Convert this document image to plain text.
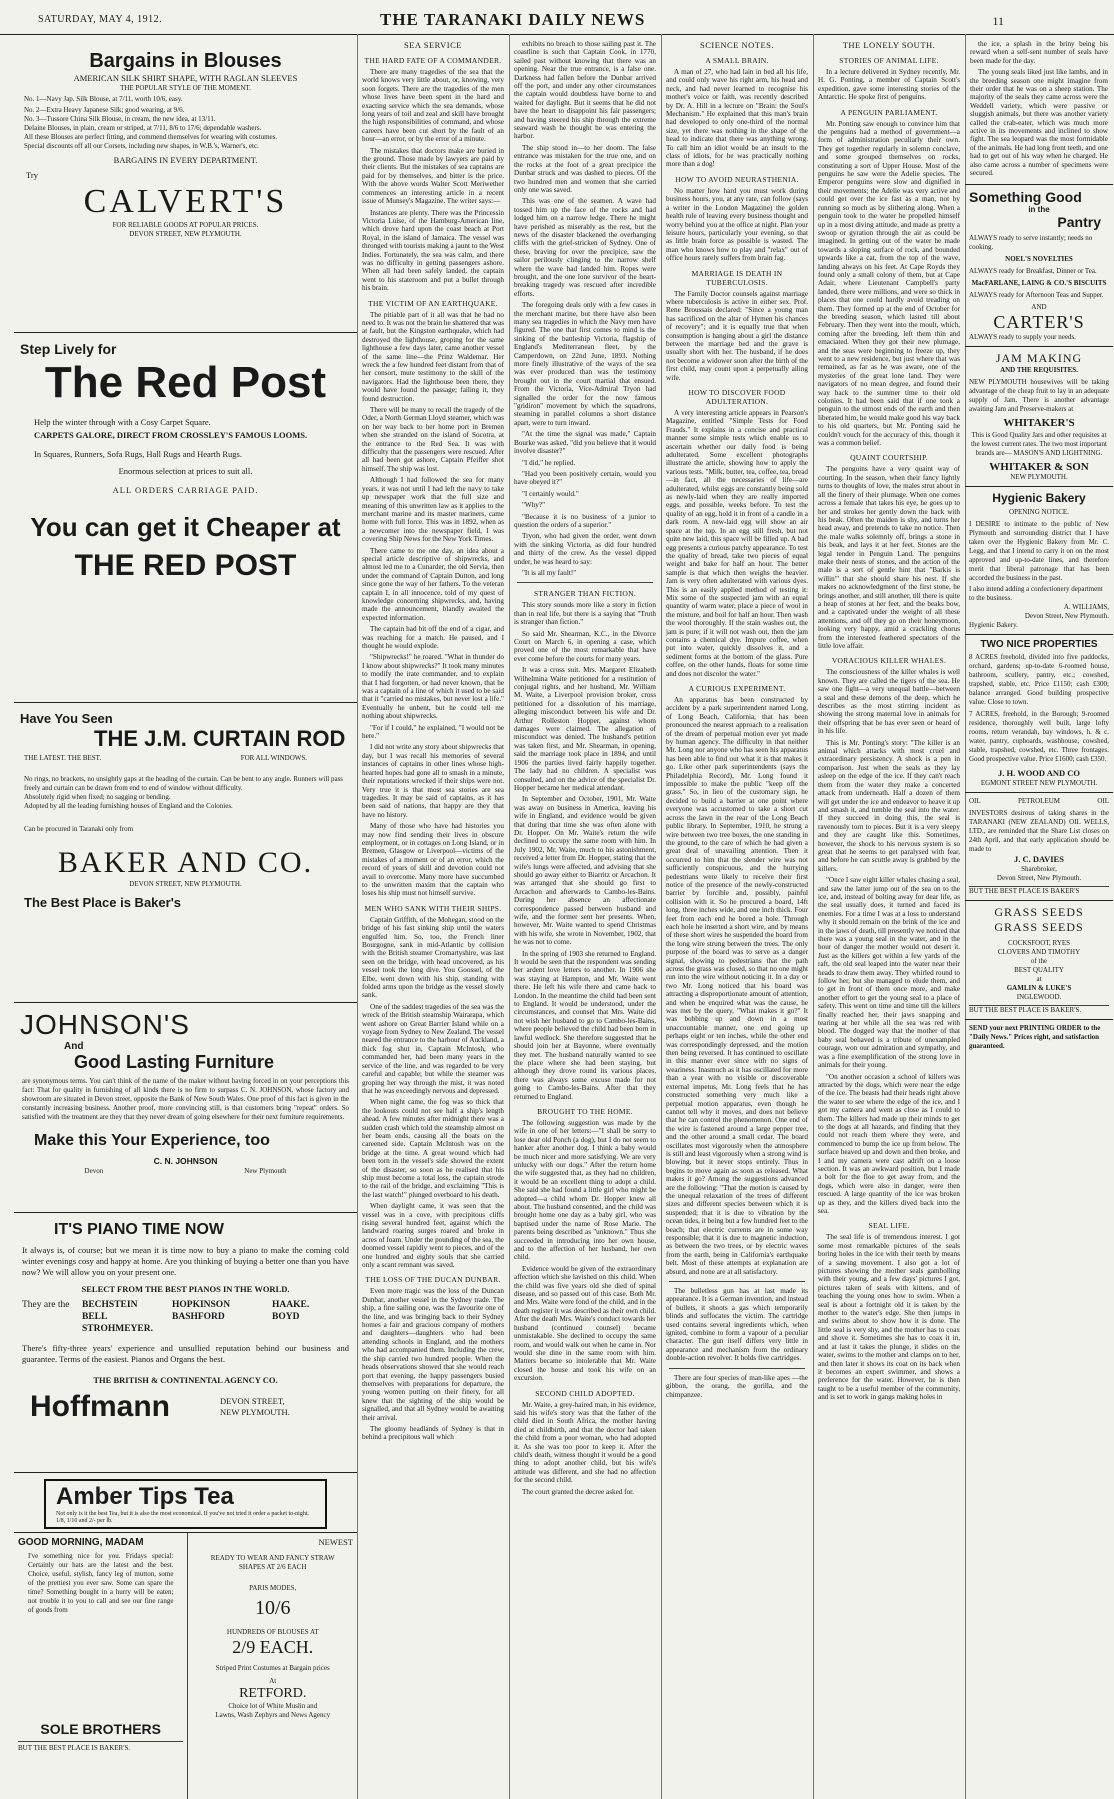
SATURDAY, MAY 4, 1912.	THE TARANAKI DAILY NEWS	11
Bargains in Blouses
AMERICAN SILK SHIRT SHAPE, WITH RAGLAN SLEEVES
THE POPULAR STYLE OF THE MOMENT.
No. 1—Navy Jap. Silk Blouse, at 7/11, worth 10/6, easy.
No. 2—Extra Heavy Japanese Silk; good wearing, at 9/6.
No. 3—Tussore China Silk Blouse, in cream, the new idea, at 13/11.
Delaine Blouses, in plain, cream or striped, at 7/11, 8/6 to 17/6; dependable washers.
All these Blouses are perfect fitting, and commend themselves for wearing with costumes.
Special discounts off all our Corsets, including new shapes, in W.B.'s, Warner's, etc.
BARGAINS IN EVERY DEPARTMENT.
Try
CALVERT'S
FOR RELIABLE GOODS AT POPULAR PRICES.
DEVON STREET, NEW PLYMOUTH.
Step Lively for
The Red Post
Help the winter through with a Cosy Carpet Square.
CARPETS GALORE, DIRECT FROM CROSSLEY'S FAMOUS LOOMS.
In Squares, Runners, Sofa Rugs, Hall Rugs and Hearth Rugs.
Enormous selection at prices to suit all.
ALL ORDERS CARRIAGE PAID.
You can get it Cheaper at
THE RED POST
Have You Seen
THE J.M. CURTAIN ROD
THE LATEST. THE BEST.	FOR ALL WINDOWS.
No rings, no brackets, no unsightly gaps at the heading of the curtain. Can be bent to any angle. Runners will pass freely and curtain can be drawn from end to end of window without difficulty.
Absolutely rigid when fixed; no sagging or bending.
Adopted by all the leading furnishing houses of England and the Colonies.
Can be procured in Taranaki only from
BAKER AND CO.
DEVON STREET, NEW PLYMOUTH.
The Best Place is Baker's
JOHNSON'S
And
Good Lasting Furniture
are synonymous terms. You can't think of the name of the maker without having forced in on your perceptions this fact: That for quality in furnishing of all kinds there is no firm to surpass C. N. JOHNSON, whose factory and showroom are situated in Devon street, opposite the Bank of New South Wales. One proof of this fact is given in the constantly increasing business. Another proof, more convincing still, is that customers bring "repeat" orders. So satisfied with the treatment are they that they never dream of going elsewhere for their next furniture requirements.
Make this Your Experience, too
C. N. JOHNSON
Devon	New Plymouth
IT'S PIANO TIME NOW
It always is, of course; but we mean it is time now to buy a piano to make the coming cold winter evenings cosy and happy at home. Are you thinking of buying a better one than you have now? We will allow you on your present one.
SELECT FROM THE BEST PIANOS IN THE WORLD.
They are the	BECHSTEIN
BELL
STROHMEYER.
HOPKINSON
BASHFORD
HAAKE.
BOYD
There's fifty-three years' experience and unsullied reputation behind our business and guarantee. Terms of the easiest. Pianos and Organs the best.
THE BRITISH & CONTINENTAL AGENCY CO.
Hoffmann	DEVON STREET,
NEW PLYMOUTH.
Amber Tips Tea
Not only is it the best Tea, but it is also the most economical. If you've not tried it order a packet to-night. 1/8, 1/10 and 2/- per lb.
GOOD MORNING, MADAM
I've something nice for you. Fridays special: Certainly our hats are the latest and the best. Choice, useful, stylish, fancy leg of mutton, some of the prettiest you ever saw. Some can spare the time? Something bought in a hurry will be eaten; not trouble it to you to call and see our fine range of goods from
SOLE BROTHERS
BUT THE BEST PLACE IS BAKER'S.
NEWEST
READY TO WEAR AND FANCY STRAW SHAPES AT 2/6 EACH
PARIS MODES,
10/6
HUNDREDS OF BLOUSES AT
2/9 EACH.
Striped Print Costumes at Bargain prices
At
RETFORD.
Choice lot of White Muslin and
Lawns, Wash Zephyrs and News Agency
SEA SERVICE
THE HARD FATE OF A COMMANDER.

There are many tragedies of the sea that the world knows very little about, or, knowing, very soon forgets. There are the tragedies of the men whose lives have been spent in the hard and exacting service which the sea demands, whose long years of toil and zeal and skill have brought the high responsibilities of command, and whose careers have been cut short by the fault of an hour—an error, or by the error of a minute.

The mistakes that doctors make are buried in the ground. Those made by lawyers are paid by their clients. But the mistakes of sea captains are paid for by themselves, and bitter is the price. With the above words Walter Scott Meriwether commences an interesting article in a recent issue of Munsey's Magazine. The writer says:—

Instances are plenty. There was the Princessin Victoria Luise, of the Hamburg-American line, which drove hard upon the coast beach at Port Royal, in the island of Jamaica. The vessel was thronged with tourists making a jaunt to the West Indies. Fortunately, the sea was calm, and there was no difficulty in getting passengers ashore. When all had been safely landed, the captain went to his stateroom and put a bullet through his brain.

THE VICTIM OF AN EARTHQUAKE.

The pitiable part of it all was that he had no need to. It was not the brain he shattered that was at fault, but the Kingston earthquake, which had destroyed the lighthouse, groping for the same lighthouse a few days later, came another vessel of the same line—the Prinz Waldemar. Her wreck the a few hundred feet distant from that of her consort, mute testimony to the skill of the navigators. Had the lighthouse been there, they would have found the passage; failing it, they found destruction.

There will be many to recall the tragedy of the Oder, a North German Lloyd steamer, which was on her way back to her home port in Bremen when she stranded on the island of Socotra, at the entrance to the Red Sea. It was with difficulty that the passengers were rescued. After all had been got ashore, Captain Pfeiffer shot himself. The ship was lost.

Although I had followed the sea for many years, it was not until I had left the navy to take up newspaper work that the full size and meaning of this unwritten law as it applies to the merchant marine and its master mariners, came home with full force. This was in 1892, when as a newcomer into the newspaper field, I was covering Ship News for the New York Times.

There came to me one day, an idea about a special article descriptive of shipwrecks, and almost led me to a Cunarder, the old Servia, then under the command of Captain Dutton, and long since gone the way of her fathers. To the veteran captain I, in all innocence, told of my quest of knowledge concerning shipwrecks, and, having made the announcement, blandly awaited the expected information.

The captain had bit off the end of a cigar, and was reaching for a match. He paused, and I thought he would explode.

"Shipwrecks!" he roared. "What in thunder do I know about shipwrecks?" It took many minutes to modify the irate commander, and to explain that I had forgotten, or had never known, that he was a captain of a line of which it used to be said that it "carried no mistakes, but never lost a life." Eventually he unbent, but he could tell me nothing about shipwrecks.

"For if I could," he explained, "I would not be here."

I did not write any story about shipwrecks that day, but I was recall his memories of several instances of captains in other lines whose high-hearted hopes had gone all to smash in a minute, their reputations wrecked if their ships were not. Very true it is that most sea stories are sea tragedies. It may be said of captains, as it has been said of nations, that happy are they that have no history.

Many of those who have had histories you may now find sending their lives in obscure employment, or in cottages on Long Island, or in Bremen, Glasgow or Liverpool—victims of the mistakes of a moment or of an error, which the record of years of skill and devotion could not avail to overcome. Many more have succumbed to the unwritten maxim that the captain who loses his ship must not himself survive.

MEN WHO SANK WITH THEIR SHIPS.

Captain Griffith, of the Mohegan, stood on the bridge of his fast sinking ship until the waters engulfed him. So, too, the French liner Bourgogne, sank in mid-Atlantic by collision with the British steamer Cromartyshire, was last seen on the bridge, with head uncovered, as his vessel took the long dive. You Goossel, of the Elbe, went down with his ship, standing with folded arms upon the bridge as the vessel slowly sank.

One of the saddest tragedies of the sea was the wreck of the British steamship Wairarapa, which went ashore on Great Barrier Island while on a voyage from Sydney to New Zealand. The vessel neared the entrance to the harbour of Auckland, a thick fog shut in, Captain McIntosh, who commanded her, had been many years in the service of the line, and was regarded to be very careful and capable; but while the steamer was groping her way through the mist, it was noted that he was exceedingly nervous and depressed.

When night came, the fog was so thick that the lookouts could not see half a ship's length ahead. A few minutes after midnight there was a sudden crash which told the steamship almost on her beam ends, causing all the boats on the careened side. Captain McIntosh was on the bridge at the time. A great wound which had been torn in the vessel's side showed the extent of the disaster, so soon as he realised that his ship must become a total loss, the captain strode to the rail of the bridge, and exclaiming "This is the last watch!" plunged overboard to his death.

When daylight came, it was seen that the vessel was in a cove, with precipitous cliffs rising several hundred feet, against which the landward roaring surges roared and broke in acres of foam. Under the pounding of the sea, the doomed vessel rapidly went to pieces, and of the one hundred and eighty souls that she carried only a scant remnant was saved.

THE LOSS OF THE DUCAN DUNBAR.

Even more tragic was the loss of the Duncan Dunbar, another vessel in the Sydney trade. The ship, a fine sailing one, was the favourite one of the line, and was bringing back to their Sydney homes a fair and gracious company of mothers and daughters—daughters who had been attending schools in England, and the mothers who had accompanied them. Including the crew, the ship carried two hundred people. When the heads observations showed that she would reach port that evening, the happy passengers busied themselves with preparations for departure, the young women putting on their finery, for all knew that the sighting of the ship would be signalled, and that all Sydney would be awaiting their arrival.

The gloomy headlands of Sydney is that in behind a precipitous wall which

exhibits no breach to those sailing past it. The coastline is such that Captain Cook, in 1770, sailed past without knowing that there was an opening. Near the true entrance, is a false one. Darkness had fallen before the Dunbar arrived off the port, and under any other circumstances the captain would doubtless have borne to and waited for daylight. But it seems that he did not have the heart to disappoint his fair passengers; and having steered his ship through the extreme seaward wash he thought he was entering the harbor.

The ship stood in—to her doom. The false entrance was mistaken for the true one, and on the rocks at the foot of a great precipice the Dunbar struck and was dashed to pieces. Of the two hundred men and women that she carried only one was saved.

This was one of the seamen. A wave had tossed him up the face of the rocks and had lodged him on a narrow ledge. There he might have perished as miserably as the rest, but the news of the disaster blackened the overhanging cliffs with the grief-stricken of Sydney. One of these, braving for over the precipice, saw the sailor perilously clinging to the narrow shelf where the wave had landed him. Ropes were brought, and the one lone survivor of the heart-breaking tragedy was rescued after incredible efforts.

The foregoing deals only with a few cases in the merchant marine, but there have also been many sea tragedies in which the Navy men have figured. The one that first comes to mind is the sinking of the battleship Victoria, flagship of England's Mediterranean fleet, by the Camperdown, on 22nd June, 1893. Nothing more finely illustrative of the ways of the sea was ever produced than was the testimony brought out in the court martial that ensued. From the Victoria, Vice-Admiral Tryon had signalled the order for the now famous "gridiron" movement by which the squadrons, steaming in parallel columns a short distance apart, were to turn inward.

"At the time the signal was made," Captain Bourke was asked, "did you believe that it would involve disaster?"

"I did," he replied.

"Had you been positively certain, would you have obeyed it?"

"I certainly would."

"Why?"

"Because it is no business of a junior to question the orders of a superior."

Tryon, who had given the order, went down with the sinking Victoria, as did four hundred and thirty of the crew. As the vessel dipped under, he was heard to say:

"It is all my fault!"

STRANGER THAN FICTION.

This story sounds more like a story in fiction than in real life, but there is a saying that "Truth is stranger than fiction."

So said Mr. Shearman, K.C., in the Divorce Court on March 6, in opening a case, which proved one of the most remarkable that have ever come before the courts for many years.

It was a cross suit. Mrs. Margaret Elizabeth Wilhelmina Waite petitioned for a restitution of conjugal rights, and her husband, Mr. William M. Waite, a Liverpool provision broker, cross petitioned for a dissolution of his marriage, alleging misconduct between his wife and Dr. Arthur Rolleston Hopper, against whom damages were claimed. The allegation of misconduct was denied. The husband's petition was taken first, and Mr. Shearman, in opening, said the marriage took place in 1894, and until 1906 the parties lived fairly happily together. The lady had no children. A specialist was consulted, and on the advice of the specialist Dr. Hopper became her medical attendant.

In September and October, 1901, Mr. Waite was away on business in America, leaving his wife in England, and evidence would be given that during that time she was often alone with Dr. Hopper. On Mr. Waite's return the wife declined to occupy the same room with him. In July 1902, Mr. Waite, much to his astonishment, received a letter from Dr. Hopper, stating that the wife's lungs were affected, and advising that she should go away either to Biarritz or Arcachon. It was arranged that she should go first to Arcachon and afterwards to Cambo-les-Bains. During her absence an affectionate correspondence passed between husband and wife, and the former sent her presents. When, however, Mr. Waite wanted to spend Christmas with his wife, she wrote in November, 1902, that he was not to come.

In the spring of 1903 she returned to England. It would be seen that the respondent was sending her ardent love letters to another. In 1906 she was staying at Hampton, and Mr. Waite went there. He left his wife there and came back to London. In the meantime the child had been sent to England. It would be understood, under the circumstances, and counsel that Mrs. Waite did not wish her husband to go to Cambo-les-Bains, where people believed the child had been born in lawful wedlock. She therefore suggested that he should join her at Bayonne, where eventually they met. The husband naturally wanted to see the place where she had been staying, but although they drove round its various places, there was always some excuse made for not going to Cambo-les-Bains. After that they returned to England.

BROUGHT TO THE HOME.

The following suggestion was made by the wife in one of her letters:—"I shall be sorry to lose dear old Ponch (a dog), but I do not seem to hanker after another dog. I think a baby would be much nicer and more satisfying. We are very unlucky with our dogs." After the return home the wife suggested that, as they had no children, it would be an excellent thing to adopt a child. She said she had found a little girl who might be adopted—a child whom Dr. Hopper knew all about. The husband consented, and the child was brought home one day as a baby girl, who was baptised under the name of Rose Marie. The parents being described as "unknown." Thus she succeeded in introducing into her own house, and to the affection of her husband, her own child.

Evidence would be given of the extraordinary affection which she lavished on this child. When the child was five years old she died of spinal disease, and so passed out of this case. Both Mr. and Mrs. Waite were fond of the child, and in the death register it was described as their own child. After the death Mrs. Waite's conduct towards her husband (continued counsel) became unmistakable. She declined to occupy the same room, and would walk out when he came in. Nor would she dine in the same room with him. Matters became so intolerable that Mr. Waite closed the house and took his wife on an excursion.

SECOND CHILD ADOPTED.

Mr. Waite, a grey-haired man, in his evidence, said his wife's story was that the father of the child died in South Africa, the mother having died at childbirth, and that the doctor had taken the child from a poor woman, who had adopted it. As she was too poor to keep it. After the child's death, witness thought it would be a good thing to adopt another child, but his wife's attitude was different, and she had no affection for the second child.

The court granted the decree asked for.

SCIENCE NOTES.
A SMALL BRAIN.

A man of 27, who had lain in bed all his life, and could only wave his right arm, his head and neck, and had never learned to recognise his mother's voice or faith, was recently described by Dr. A. Hill in a lecture on "Brain: the Soul's Mechanism." He explained that this man's brain had developed to only one-third of the normal size, yet there was nothing in the shape of the head to indicate that there was anything wrong. To call him an idiot would be an insult to the class of idiots, for he was practically nothing more than a dog!

HOW TO AVOID NEURASTHENIA.

No matter how hard you must work during business hours, you, at any rate, can follow (says a writer in the London Magazine) the golden health rule of leaving every business thought and worry behind you at the office at night. Plan your leisure hours, particularly your evening, so that as little brain force as possible is wasted. The man who knows how to play and "relax" out of office hours rarely suffers from brain fag.

MARRIAGE IS DEATH IN TUBERCULOSIS.

The Family Doctor counsels against marriage where tuberculosis is active in either sex. Prof. Rene Broussais declared: "Since a young man has sacrificed on the altar of Hymen his chances of recovery"; and it is equally true that when consumption is hanging about a girl the distance between the marriage bed and the grave is usually short with her. The husband, if he does not become a widower soon after the birth of the first child, may count upon a perpetually ailing wife.

HOW TO DISCOVER FOOD ADULTERATION.

A very interesting article appears in Pearson's Magazine, entitled "Simple Tests for Food Frauds." It explains in a concise and practical manner some simple tests which enable us to ascertain whether our daily food is being adulterated. Some excellent photographs illustrate the article, showing how to apply the various tests. "Milk, butter, tea, coffee, tea, bread—in fact, all the necessaries of life—are adulterated, whilst eggs are constantly being sold as newly-laid when they are really imported eggs, and possible, weeks before. To test the quality of an egg, hold it in front of a candle in a dark room. A new-laid egg will show an air space at the top. In an egg still fresh, but not quite new laid, this space will be filled up. A bad egg presents a curious patchy appearance. To test the quality of bread, take two pieces of equal weight and bake for half an hour. The better sample is that which then weighs the heavier. Jam is very often adulterated with various dyes. This is an easily applied method of testing it: Mix some of the suspected jam with an equal quantity of warm water, place a piece of wool in the mixture, and boil for half an hour. Then wash the wool thoroughly. If the stain washes out, the jam is pure; if it will not wash out, then the jam contains a chemical dye. Impure coffee, when put into water, quickly dissolves it, and a sediment forms at the bottom of the glass. Pure coffee, on the other hands, floats for some time and does not discolor the water."

A CURIOUS EXPERIMENT.

An apparatus has been constructed by accident by a park superintendent named Long, of Long Beach, California, that has been pronounced the nearest approach to a realisation of the dream of perpetual motion ever yet made by human agency. The difficulty in that neither Mr. Long nor anyone who has seen his apparatus has been able to find out what it is that makes it go. Like other park superintendents (says the Philadelphia Record), Mr. Long found it impossible to make the public "keep off the grass." So, in lieu of the customary sign, he decided to build a barrier at one point where everyone was accustomed to take a short cut across the lawn in the rear of the Long Beach public library. In September, 1910, he strung a wire between two tree boxes, the one standing in the ground, to the care of which he had given a great deal of unavailing attention. Then it occurred to him that the slender wire was not sufficiently conspicuous, and the hurrying pedestrians were likely to receive their first notice of the presence of the newly-constructed barrier by forcible and, possibly, painful collision with it. So he procured a board, 14ft long, three inches wide, and one inch thick. Four feet from each end he bored a hole. Through each hole he inserted a short wire, and by means of these short wires he suspended the board from the long wire strung between the trees. The only purpose of the board was to serve as a danger signal, showing to pedestrians that the path across the grass was closed, so that no one might run into the wire without noticing it. In a day or two Mr. Long noticed that his board was attracting a disproportionate amount of attention, and when he enquired what was the cause, he was met by the query, "What makes it go?" It was bobbing up and down in a most unaccountable manner, one end going up perhaps eight or ten inches, while the other end was correspondingly depressed, and the motion then being reversed. It has continued to oscillate in this manner ever since with no signs of weariness. Inasmuch as it has oscillated for more than a year with no visible or discoverable external impetus, Mr. Long feels that he has constructed something very much like a perpetual motion apparatus, even though he cannot tell why it moves, and does not believe that he can control the phenomenon. One end of the wire is fastened around a large pepper tree, and the other around a small cedar. The board oscillates most vigorously when the atmosphere is still and least vigorously when a strong wind is blowing, but it never stops entirely. Thus in begins to move again as soon as released. What makes it go? Among the suggestions advanced are the following: "That the motion is caused by the unequal relaxation of the trees of different sizes and different species between which it is suspended; that it is due to vibration by the ocean tides, it being but a few hundred feet to the beach; that electric currents are in some way responsible; that it is due to magnetic induction, as between the two trees, or by electric waves from the earth, being in California's earthquake belt. Most of these attempts at explanation are absurd, and none are at all satisfactory.

The bulletless gun has at last made its appearance. It is a German invention, and instead of bullets, it shoots a gas which temporarily blinds and suffocates the victim. The cartridge used contains several ingredients which, when ignited, combine to form a vapour of a peculiar character. The gun itself differs very little in appearance and mechanism from the ordinary double-action revolver. It holds five cartridges.

There are four species of man-like apes —the gibbon, the orang, the gorilla, and the chimpanzee.

THE LONELY SOUTH.
STORIES OF ANIMAL LIFE.

In a lecture delivered in Sydney recently, Mr. H. G. Ponting, a member of Captain Scott's expedition, gave some interesting stories of the Antarctic. He spoke first of penguins.

A PENGUIN PARLIAMENT.

Mr. Ponting saw enough to convince him that the penguins had a method of government—a form of administration peculiarly their own. They get together regularly in solemn conclave, and some grouped themselves on rocks, constituting a sort of Upper House. Most of the penguins he saw were the Adelie species. The Emperor penguins were slow and dignified in their movements; the Adelie was very active and could get over the ice fast as a man, not by running so much as by slithering along. When a penguin took to the water he propelled himself up in a most diving attitude, and made as pretty a swoop or gyration through the air as could be imagined. In getting out of the water he made towards a sloping surface of rock, and bounded upwards like a cat, from the top of the wave, landing always on his feet. At Cape Royds they found only a small colony of them, but at Cape Adair, where Lieutenant Campbell's party landed, there were millions, and were so thick in places that one could hardly avoid treading on them. They formed up at the end of October for the breeding season, which lasted till about February. Then they went into the moult, which, coming after the breeding, left them thin and emaciated. When they got their new plumage, and the seas were beginning to freeze up, they went to a new residence, but just where that was remained, as far as he was aware, one of the mysteries of the great lone land. They were navigators of no mean degree, and found their way back to the summer time to their old colonies. It had been said that if one took a penguin to the utmost ends of the earth and then liberated him, he would make good his way back to his old quarters, but Mr. Ponting said he couldn't vouch for the accuracy of this, though it was a common belief.

QUAINT COURTSHIP.

The penguins have a very quaint way of courting. In the season, when their fancy lightly turns to thoughts of love, the males strut about in all the finery of their plumage. When one comes across a female that takes his eye, he goes up to her and strokes her gently down the back with his beak. Often the maiden is shy, and turns her head away, and pretends to take no notice. Then the male walks solemnly off, brings a stone in his beak, and lays it at her feet. Stones are the legal tender in Penguin Land. The penguins make their nests of stones, and the action of the male is a sort of gentle hint that "Barkis is willin'" that she should share his nest. If she makes no acknowledgment of the first stone, he brings another, and still another, till there is quite a heap of stones at her feet, and the beaks bow, and a captivated under the weight of all these attentions, and off they go on their honeymoon, looking very happy, amid a crackling chorus from the interested feathered spectators of the little love affair.

VORACIOUS KILLER WHALES.

The consciousness of the killer whales is well known. They are called the tigers of the sea. He saw one fight—a very unequal battle—between a seal and these demons of the deep, which he describes as the most stirring incident as showing the strong maternal love in animals for their offspring that he has ever seen or heard of in his life.

This is Mr. Ponting's story: "The killer is an animal which attacks with most cruel and extraordinary persistency. A shock is a pen in comparison. Just when the seals as they lay asleep on the edge of the ice. If they can't reach them from the water they make a concerted attack from underneath. Half a dozen of them will get under the ice and endeavor to heave it up and smash it, and tumble the seal into the water. If they succeed in doing this, the seal is ravenously torn to pieces. But it is a very sleepy and they are caught like this. Sometimes, however, the shock to his nervous system is so great that he seems to get paralysed with fear, and before he can scuttle away is grabbed by the killers.

"Once I saw eight killer whales chasing a seal, and saw the latter jump out of the sea on to the ice, and, instead of bolting away for dear life, as the seal usually does, it turned and faced its enemies. For a time I was at a loss to understand why it should remain on the brink of the ice and in the jaws of death, till presently we noticed that there was a young seal in the water, and in the hour of danger the mother would not desert it. Just as the killers got within a few yards of the raft, the old seal leaped into the water near their heads to draw them away. They whirled round to follow her, but she managed to elude them, and to get in front of them once more, and make another effort to get the young seal to a place of safety. This went on time and time till the killers finally reached her, their jaws snapping and tearing at her while all the sea was red with blood. The dogged way that the mother of that baby seal behaved is a tribute of unexampled courage, won our admiration and sympathy, and was a fine exemplification of the strong love in animals for their young.

"On another occasion a school of killers was attracted by the dogs, which were near the edge of the ice. The beasts had their heads right above the water to see where the edge of the ice, and I got my camera and went as close as I could to them. The killers had made up their minds to get to the dogs at all hazards, and finding that they could not reach them where they were, and commenced to bump the ice up from below. The surface heaved up and down and then broke, and I and my camera were cast adrift on a loose section. It was an awkward position, but I made a bolt for the floe to get away from, and the dogs, which were also in danger, were then rescued. A large quantity of the ice was broken up as they, and the killers dived back into the sea.

SEAL LIFE.

The seal life is of tremendous interest. I got some most remarkable pictures of the seals boring holes in the ice with their teeth by means of a sawing movement. I also got a lot of pictures showing the mother seals gambolling with their young, and a few days' pictures I got, pictures taken of seals with kittens, and of teaching the young ones how to swim. When a seal is about a fortnight old it is taken by the mother to the water's edge. She then jumps in and swims about to show how it is done. The little seal is very shy, and the mother has to coax and shove it. Sometimes she has to coax it in, and at last it takes the plunge, it slides on the water, swims to the mother and clamps on to her, and then later it shows its coat on its back when it becomes an expert swimmer, and shows a preference for the water. However, he is then taught to be a useful member of the community, and is set to work in gangs making holes in

the ice, a splash in the briny being his reward when a self-sent number of seals have been made for the day.

The young seals liked just like lambs, and in the breeding season one might imagine from their order that he was on a sheep station. The majority of the seals they came across were the Weddell variety, which were passive or sluggish animals, but there was another variety called the crab-eater, which was much more active in its movements and inclined to show fight. The sea leopard was the most formidable of the animals. He had long front teeth, and one had to get out of his way when he charged. He also came across a number of specimens were secured.

Something Good
in the
Pantry
ALWAYS ready to serve instantly; needs no cooking.
NOEL'S NOVELTIES
ALWAYS ready for Breakfast, Dinner or Tea.
MacFARLANE, LAING & CO.'S BISCUITS
ALWAYS ready for Afternoon Teas and Supper.
AND
CARTER'S
ALWAYS ready to supply your needs.
JAM MAKING
AND THE REQUISITES.
NEW PLYMOUTH housewives will be taking advantage of the cheap fruit to lay in an adequate supply of Jam. There is another advantage awaiting Jam and Preserve-makers at
WHITAKER'S
This is Good Quality Jars and other requisites at the lowest current rates. The two most important brands are— MASON'S AND LIGHTNING.
WHITAKER & SON
NEW PLYMOUTH.
Hygienic Bakery
OPENING NOTICE.
I DESIRE to intimate to the public of New Plymouth and surrounding district that I have taken over the Hygienic Bakery from Mr. C. Legg, and that I intend to carry it on on the most approved and up-to-date lines, and therefore merit that liberal patronage that has been accorded the business in the past.
I also intend adding a confectionery department to the business.
A. WILLIAMS,
Devon Street, New Plymouth.
Hygienic Bakery.
TWO NICE PROPERTIES
8 ACRES freehold, divided into five paddocks, orchard, gardens; up-to-date 6-roomed house, bathroom, scullery, pantry, etc.; cowshed, trapshed, stable, etc. Price £1150; cash £300; balance arranged. Good building prospective value. Close to town.
7 ACRES, freehold, in the Borough; 9-roomed residence, thoroughly well built, large lofty rooms, return verandah, bay windows, h. & c. water, pantry, cupboards, washhouse, cowshed, stable, trapshed, cowshed, etc. Three frontages. Good prospective value. Price £1600; cash £350.
J. H. WOOD AND CO
EGMONT STREET NEW PLYMOUTH.
OIL	PETROLEUM	OIL
INVESTORS desirous of taking shares in the TARANAKI (NEW ZEALAND) OIL WELLS, LTD., are reminded that the Share List closes on 24th April, and that early application should be made to
J. C. DAVIES
Sharebroker,
Devon Street, New Plymouth.
BUT THE BEST PLACE IS BAKER'S
GRASS SEEDS
GRASS SEEDS
COCKSFOOT, RYES
CLOVERS AND TIMOTHY
of the
BEST QUALITY
at
GAMLIN & LUKE'S
INGLEWOOD.
BUT THE BEST PLACE IS BAKER'S.
SEND your next PRINTING ORDER to the "Daily News." Prices right, and satisfaction guaranteed.
